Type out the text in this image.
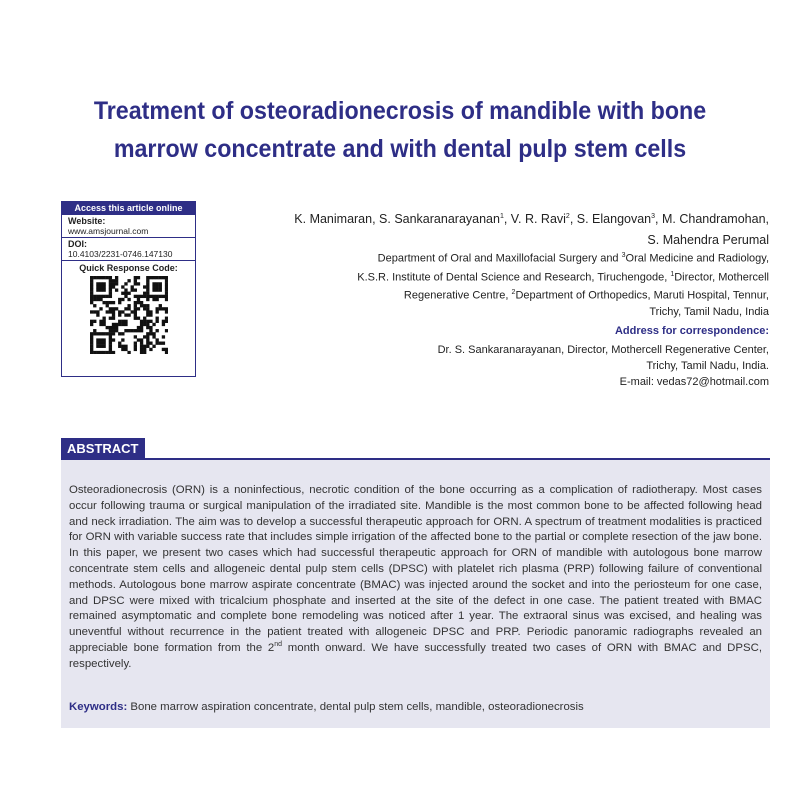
Treatment of osteoradionecrosis of mandible with bone
marrow concentrate and with dental pulp stem cells
Access this article online
Website:
www.amsjournal.com
DOI:
10.4103/2231-0746.147130
Quick Response Code:
K. Manimaran, S. Sankaranarayanan$^1$, V. R. Ravi$^2$, S. Elangovan$^3$, M. Chandramohan,
S. Mahendra Perumal
Department of Oral and Maxillofacial Surgery and $^3$Oral Medicine and Radiology,
K.S.R. Institute of Dental Science and Research, Tiruchengode, $^1$Director, Mothercell
Regenerative Centre, $^2$Department of Orthopedics, Maruti Hospital, Tennur,
Trichy, Tamil Nadu, India
Address for correspondence:
Dr. S. Sankaranarayanan, Director, Mothercell Regenerative Center,
Trichy, Tamil Nadu, India.
E-mail: vedas72@hotmail.com
ABSTRACT

Osteoradionecrosis (ORN) is a noninfectious, necrotic condition of the bone occurring as a complication of radiotherapy. Most cases occur following trauma or surgical manipulation of the irradiated site. Mandible is the most common bone to be affected following head and neck irradiation. The aim was to develop a successful therapeutic approach for ORN. A spectrum of treatment modalities is practiced for ORN with variable success rate that includes simple irrigation of the affected bone to the partial or complete resection of the jaw bone. In this paper, we present two cases which had successful therapeutic approach for ORN of mandible with autologous bone marrow concentrate stem cells and allogeneic dental pulp stem cells (DPSC) with platelet rich plasma (PRP) following failure of conventional methods. Autologous bone marrow aspirate concentrate (BMAC) was injected around the socket and into the periosteum for one case, and DPSC were mixed with tricalcium phosphate and inserted at the site of the defect in one case. The patient treated with BMAC remained asymptomatic and complete bone remodeling was noticed after 1 year. The extraoral sinus was excised, and healing was uneventful without recurrence in the patient treated with allogeneic DPSC and PRP. Periodic panoramic radiographs revealed an appreciable bone formation from the 2nd month onward. We have successfully treated two cases of ORN with BMAC and DPSC, respectively.

Keywords: Bone marrow aspiration concentrate, dental pulp stem cells, mandible, osteoradionecrosis
